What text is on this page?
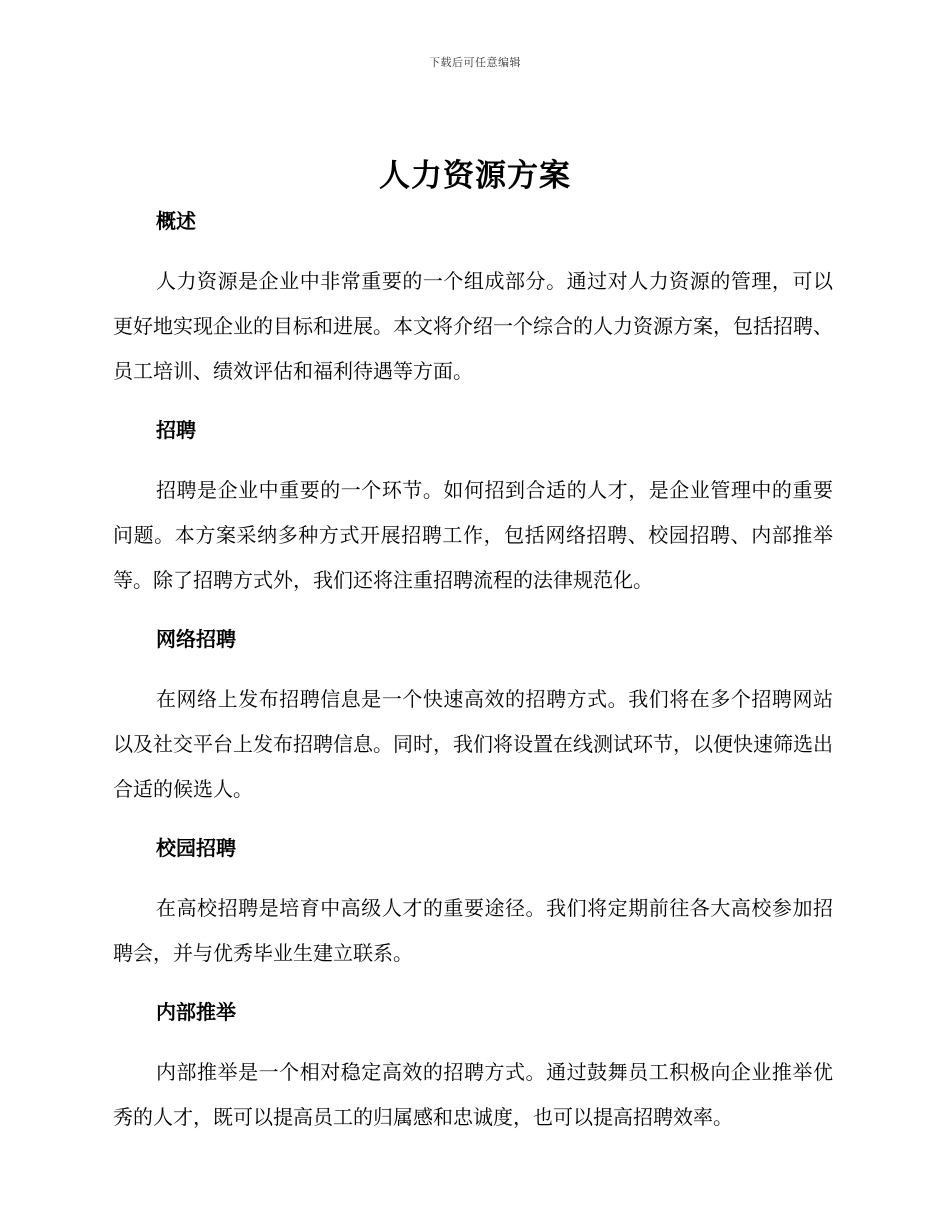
下载后可任意编辑
人力资源方案
概述

人力资源是企业中非常重要的一个组成部分。通过对人力资源的管理，可以更好地实现企业的目标和进展。本文将介绍一个综合的人力资源方案，包括招聘、员工培训、绩效评估和福利待遇等方面。

招聘

招聘是企业中重要的一个环节。如何招到合适的人才，是企业管理中的重要问题。本方案采纳多种方式开展招聘工作，包括网络招聘、校园招聘、内部推举等。除了招聘方式外，我们还将注重招聘流程的法律规范化。

网络招聘

在网络上发布招聘信息是一个快速高效的招聘方式。我们将在多个招聘网站以及社交平台上发布招聘信息。同时，我们将设置在线测试环节，以便快速筛选出合适的候选人。

校园招聘

在高校招聘是培育中高级人才的重要途径。我们将定期前往各大高校参加招聘会，并与优秀毕业生建立联系。

内部推举

内部推举是一个相对稳定高效的招聘方式。通过鼓舞员工积极向企业推举优秀的人才，既可以提高员工的归属感和忠诚度，也可以提高招聘效率。
